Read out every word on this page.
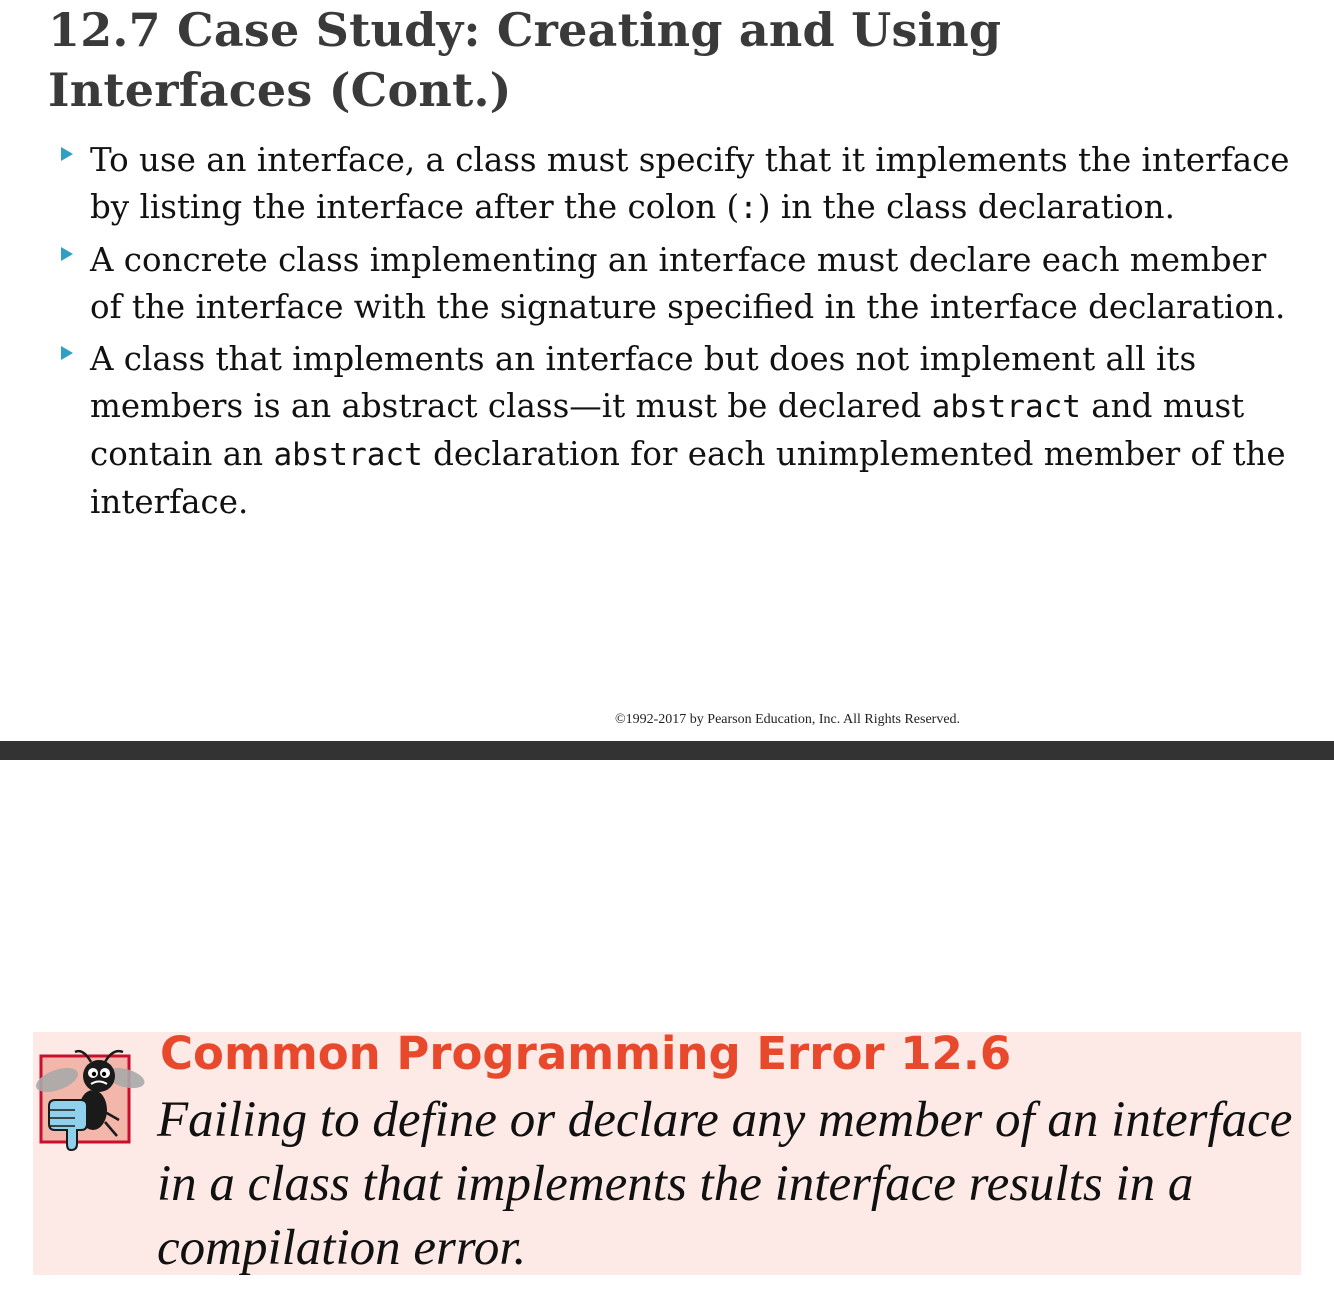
12.7 Case Study: Creating and Using Interfaces (Cont.)
To use an interface, a class must specify that it implements the interface by listing the interface after the colon (:) in the class declaration.
A concrete class implementing an interface must declare each member of the interface with the signature specified in the interface declaration.
A class that implements an interface but does not implement all its members is an abstract class—it must be declared abstract and must contain an abstract declaration for each unimplemented member of the interface.
©1992-2017 by Pearson Education, Inc. All Rights Reserved.
Common Programming Error 12.6

Failing to define or declare any member of an interface in a class that implements the interface results in a compilation error.
